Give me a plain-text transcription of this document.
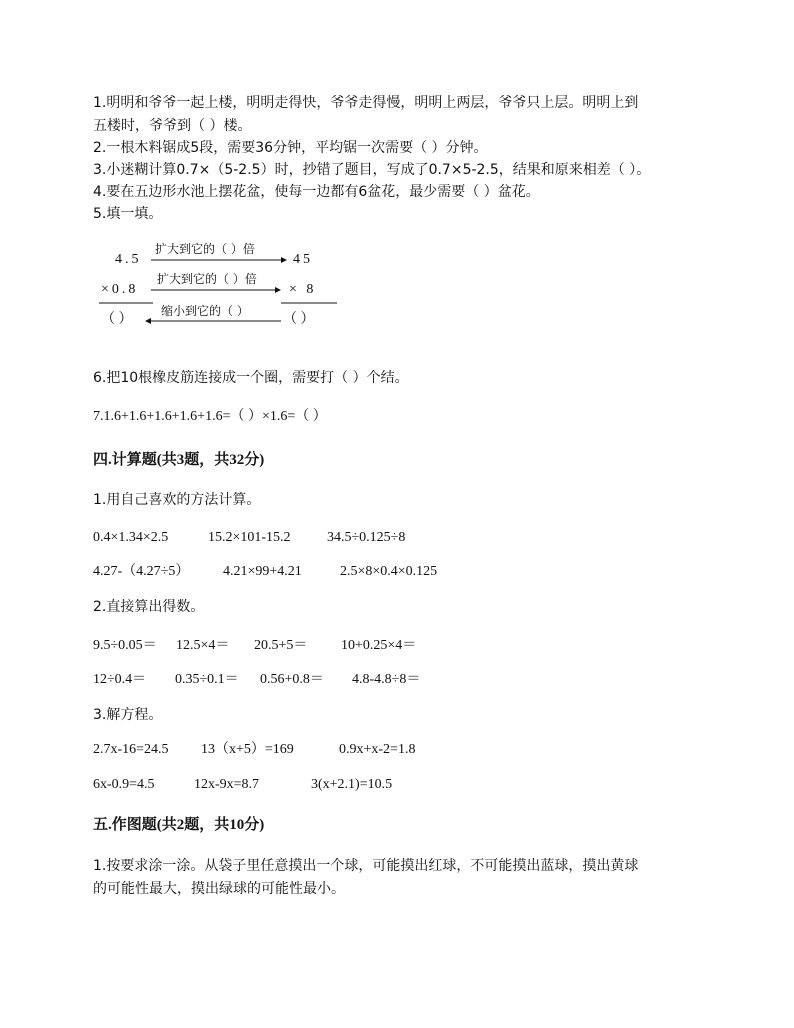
1.明明和爷爷一起上楼，明明走得快，爷爷走得慢，明明上两层，爷爷只上层。明明上到
五楼时，爷爷到（ ）楼。
2.一根木料锯成5段，需要36分钟，平均锯一次需要（ ）分钟。
3.小迷糊计算0.7×（5-2.5）时，抄错了题目，写成了0.7×5-2.5，结果和原来相差（ ）。
4.要在五边形水池上摆花盆，使每一边都有6盆花，最少需要（ ）盆花。
5.填一填。
扩大到它的（ ）倍
4.5	45
扩大到它的（ ）倍
×0.8	× 8
缩小到它的（ ）
（ ）	（ ）
6.把10根橡皮筋连接成一个圈，需要打（ ）个结。
7.1.6+1.6+1.6+1.6+1.6=（ ）×1.6=（ ）
四.计算题(共3题，共32分)
1.用自己喜欢的方法计算。
0.4×1.34×2.5	15.2×101-15.2	34.5÷0.125÷8
4.27-（4.27÷5） 4.21×99+4.21	2.5×8×0.4×0.125
2.直接算出得数。
9.5÷0.05＝ 12.5×4＝ 20.5+5＝ 10+0.25×4＝
12÷0.4＝ 0.35÷0.1＝ 0.56+0.8＝ 4.8-4.8÷8＝
3.解方程。
2.7x-16=24.5 13（x+5）=169	0.9x+x-2=1.8
6x-0.9=4.5	12x-9x=8.7	3(x+2.1)=10.5
五.作图题(共2题，共10分)
1.按要求涂一涂。从袋子里任意摸出一个球，可能摸出红球，不可能摸出蓝球，摸出黄球
的可能性最大，摸出绿球的可能性最小。
